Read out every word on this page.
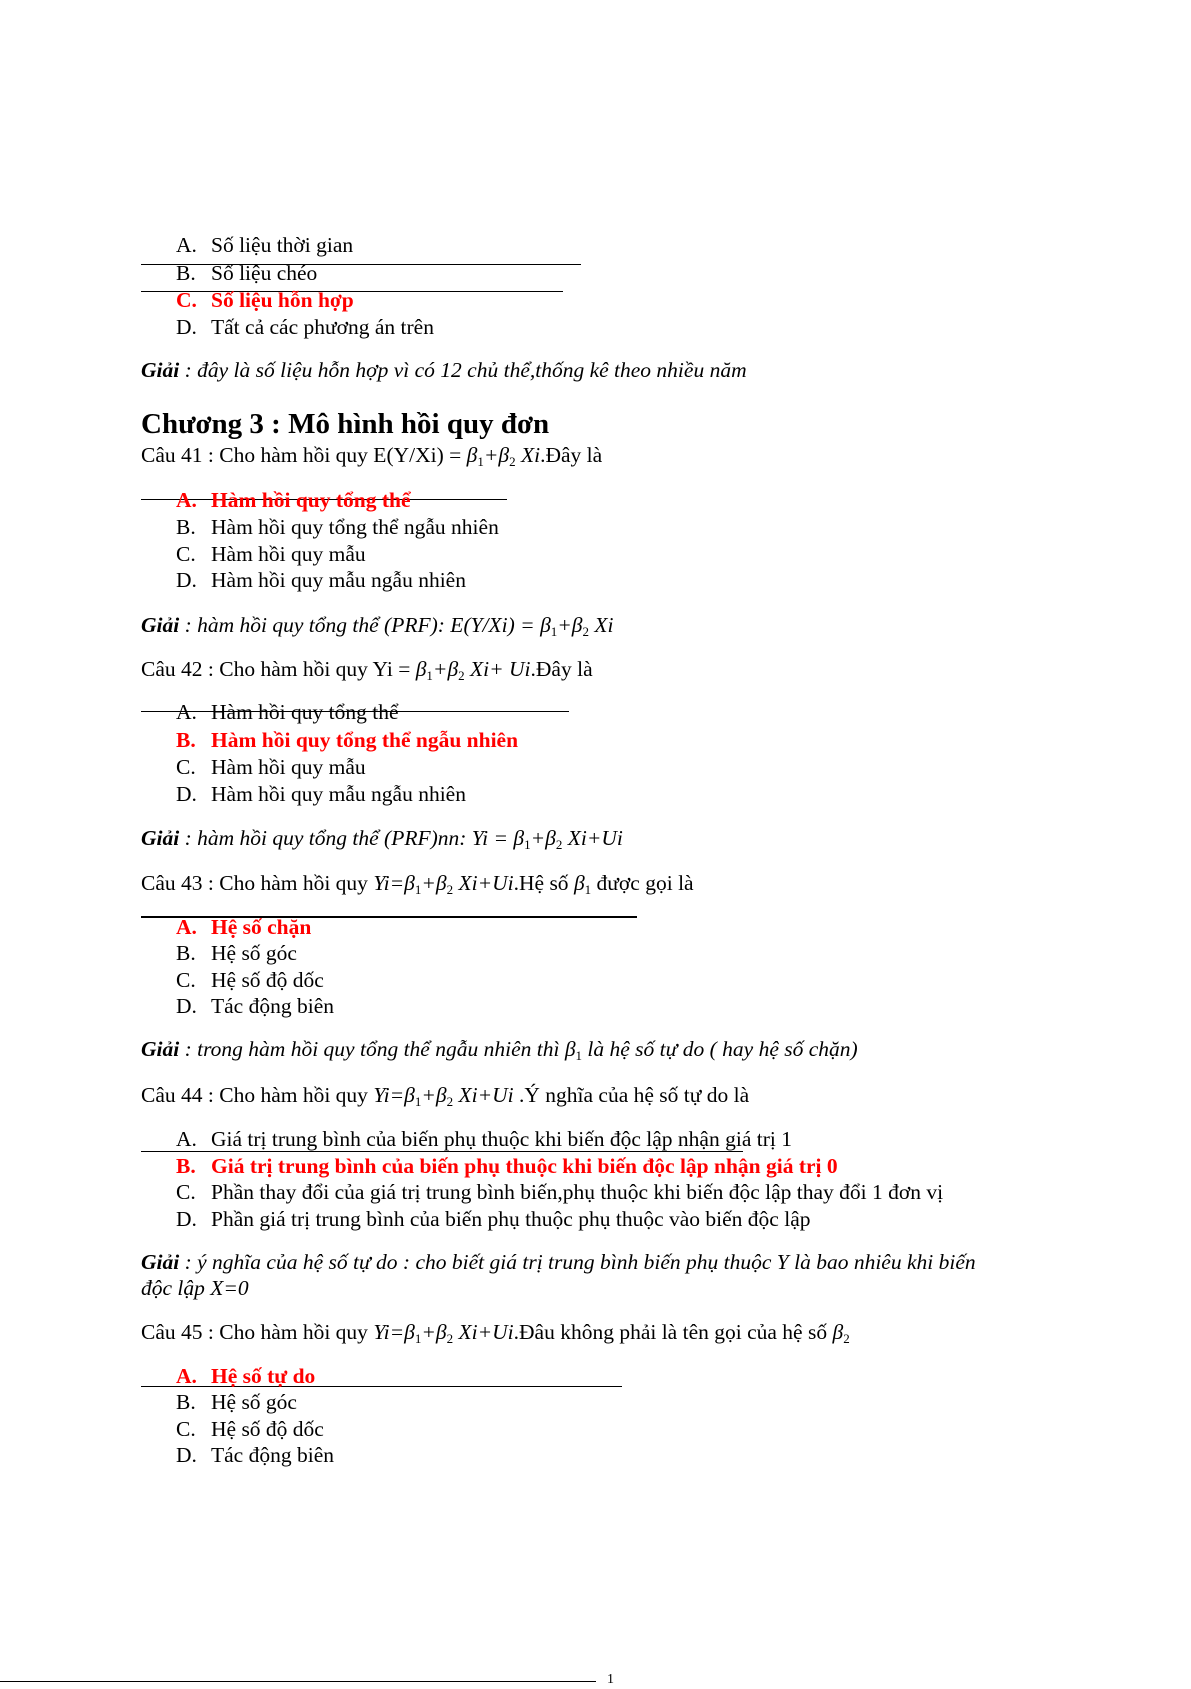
A. Số liệu thời gian
B. Số liệu chéo
C. Số liệu hỗn hợp
D. Tất cả các phương án trên
Giải : đây là số liệu hỗn hợp vì có 12 chủ thể,thống kê theo nhiều năm
Chương 3 : Mô hình hồi quy đơn
Câu 41 : Cho hàm hồi quy $E(Y/Xi) = \beta_1+\beta_2$ Xi.Đây là
A. Hàm hồi quy tổng thể
B. Hàm hồi quy tổng thể ngẫu nhiên
C. Hàm hồi quy mẫu
D. Hàm hồi quy mẫu ngẫu nhiên
Giải : hàm hồi quy tổng thể (PRF): $E(Y/Xi) = \beta_1+\beta_2$ Xi
Câu 42 : Cho hàm hồi quy $Yi = \beta_1+\beta_2$ Xi+ Ui.Đây là
A. Hàm hồi quy tổng thể
B. Hàm hồi quy tổng thể ngẫu nhiên
C. Hàm hồi quy mẫu
D. Hàm hồi quy mẫu ngẫu nhiên
Giải : hàm hồi quy tổng thể (PRF)nn: $Yi = \beta_1+\beta_2$ Xi+Ui
Câu 43 : Cho hàm hồi quy $Yi=\beta_1+\beta_2$ Xi+Ui.Hệ số $\beta_1$ được gọi là
A. Hệ số chặn
B. Hệ số góc
C. Hệ số độ dốc
D. Tác động biên
Giải : trong hàm hồi quy tổng thể ngẫu nhiên thì $\beta_1$ là hệ số tự do ( hay hệ số chặn)
Câu 44 : Cho hàm hồi quy $Yi=\beta_1+\beta_2$ Xi+Ui .Ý nghĩa của hệ số tự do là
A. Giá trị trung bình của biến phụ thuộc khi biến độc lập nhận giá trị 1
B. Giá trị trung bình của biến phụ thuộc khi biến độc lập nhận giá trị 0
C. Phần thay đổi của giá trị trung bình biến,phụ thuộc khi biến độc lập thay đổi 1 đơn vị
D. Phần giá trị trung bình của biến phụ thuộc phụ thuộc vào biến độc lập
Giải : ý nghĩa của hệ số tự do : cho biết giá trị trung bình biến phụ thuộc Y là bao nhiêu khi biến
độc lập X=0
Câu 45 : Cho hàm hồi quy $Yi=\beta_1+\beta_2$ Xi+Ui.Đâu không phải là tên gọi của hệ số $\beta_2$
A. Hệ số tự do
B. Hệ số góc
C. Hệ số độ dốc
D. Tác động biên
1
